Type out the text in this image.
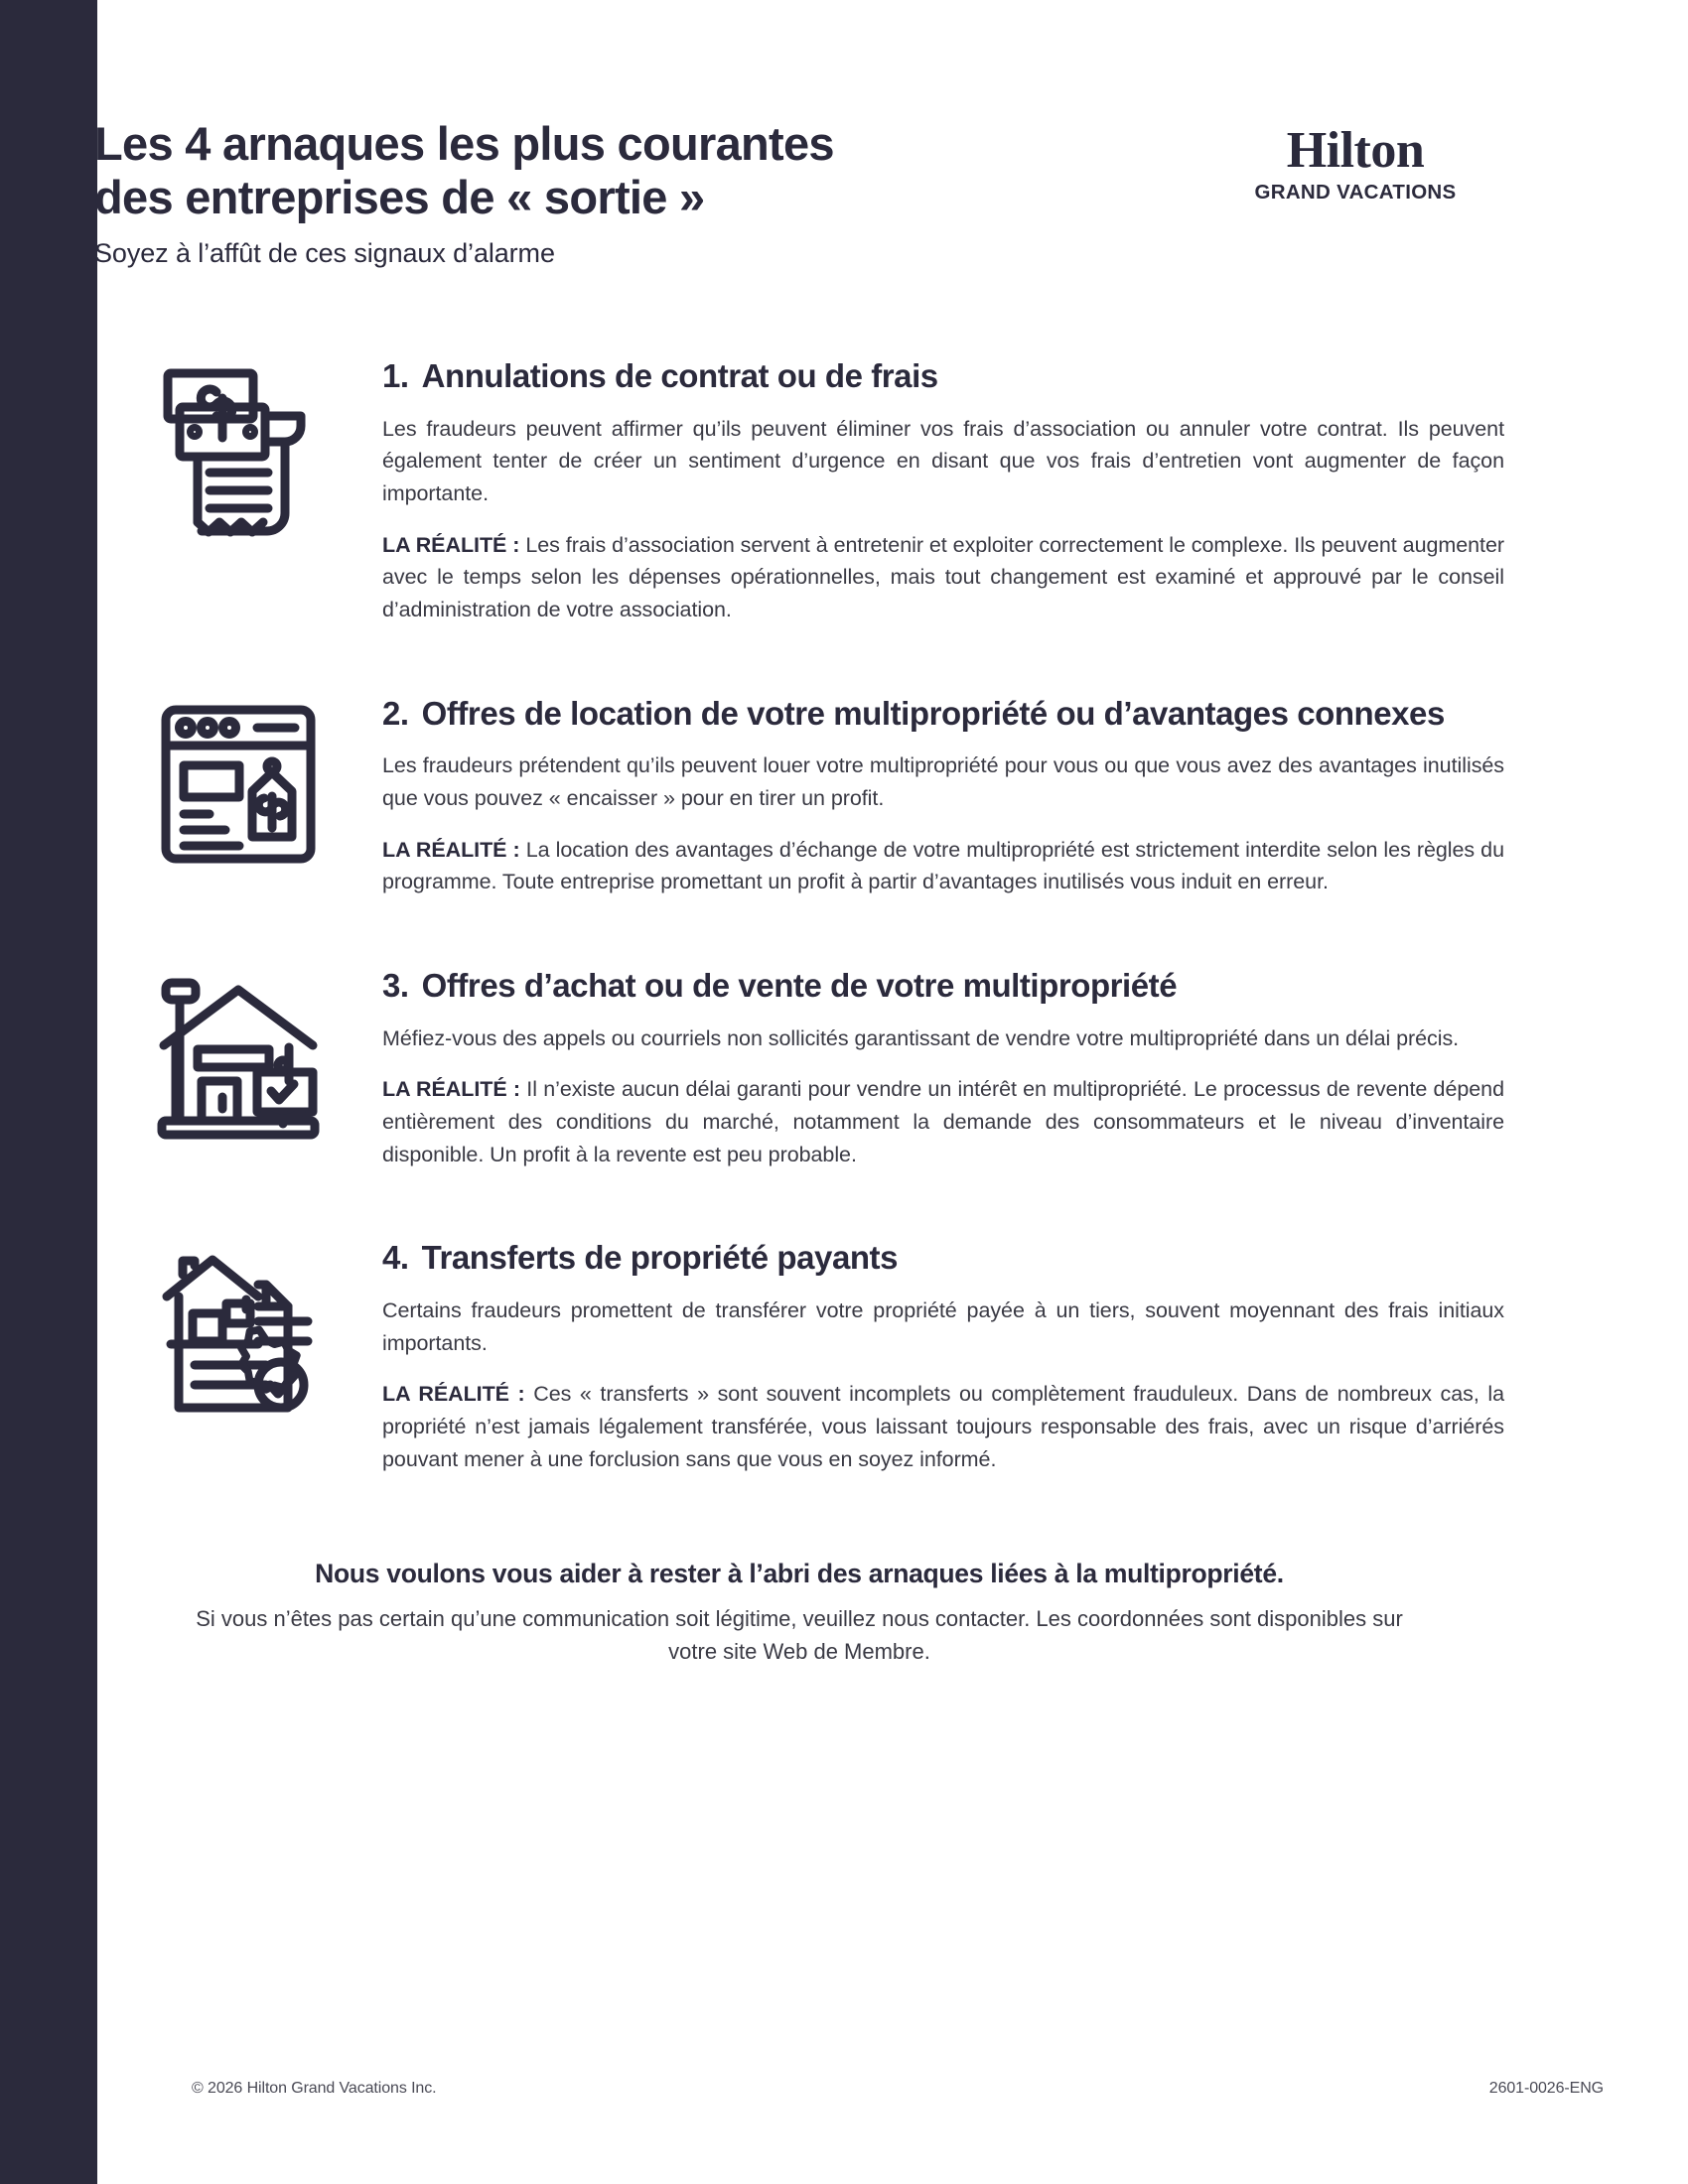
Les 4 arnaques les plus courantes
des entreprises de « sortie »
Soyez à l’affût de ces signaux d’alarme
Hilton
GRAND VACATIONS
1. Annulations de contrat ou de frais

Les fraudeurs peuvent affirmer qu’ils peuvent éliminer vos frais d’association ou annuler votre contrat. Ils peuvent également tenter de créer un sentiment d’urgence en disant que vos frais d’entretien vont augmenter de façon importante.

LA RÉALITÉ : Les frais d’association servent à entretenir et exploiter correctement le complexe. Ils peuvent augmenter avec le temps selon les dépenses opérationnelles, mais tout changement est examiné et approuvé par le conseil d’administration de votre association.

2. Offres de location de votre multipropriété ou d’avantages connexes

Les fraudeurs prétendent qu’ils peuvent louer votre multipropriété pour vous ou que vous avez des avantages inutilisés que vous pouvez « encaisser » pour en tirer un profit.

LA RÉALITÉ : La location des avantages d’échange de votre multipropriété est strictement interdite selon les règles du programme. Toute entreprise promettant un profit à partir d’avantages inutilisés vous induit en erreur.

3. Offres d’achat ou de vente de votre multipropriété

Méfiez-vous des appels ou courriels non sollicités garantissant de vendre votre multipropriété dans un délai précis.

LA RÉALITÉ : Il n’existe aucun délai garanti pour vendre un intérêt en multipropriété. Le processus de revente dépend entièrement des conditions du marché, notamment la demande des consommateurs et le niveau d’inventaire disponible. Un profit à la revente est peu probable.

4. Transferts de propriété payants

Certains fraudeurs promettent de transférer votre propriété payée à un tiers, souvent moyennant des frais initiaux importants.

LA RÉALITÉ : Ces « transferts » sont souvent incomplets ou complètement frauduleux. Dans de nombreux cas, la propriété n’est jamais légalement transférée, vous laissant toujours responsable des frais, avec un risque d’arriérés pouvant mener à une forclusion sans que vous en soyez informé.

Nous voulons vous aider à rester à l’abri des arnaques liées à la multipropriété.
Si vous n’êtes pas certain qu’une communication soit légitime, veuillez nous contacter. Les coordonnées sont disponibles sur votre site Web de Membre.
© 2026 Hilton Grand Vacations Inc.	2601-0026-ENG
